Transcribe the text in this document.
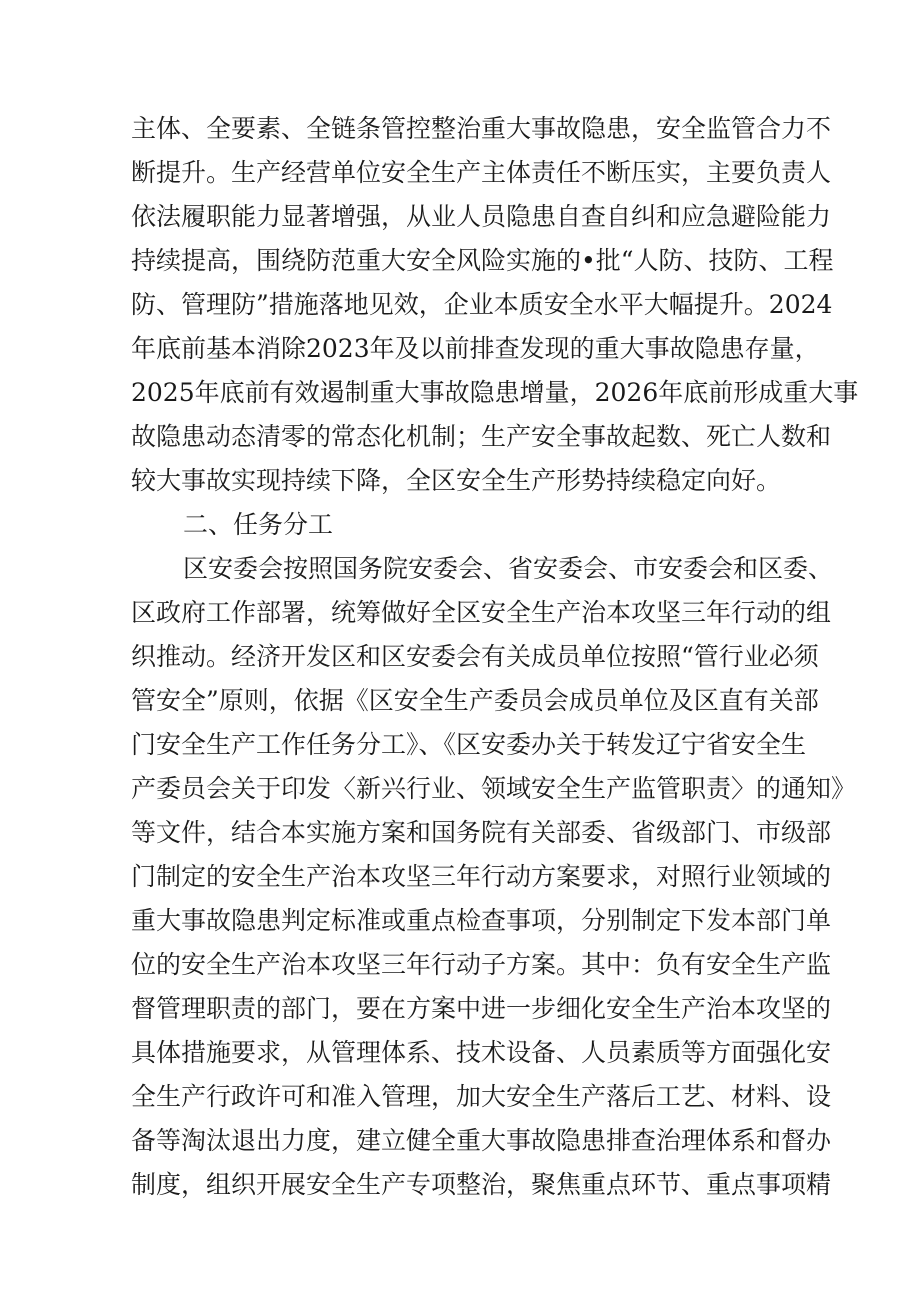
主体、全要素、全链条管控整治重大事故隐患，安全监管合力不
断提升。生产经营单位安全生产主体责任不断压实，主要负责人
依法履职能力显著增强，从业人员隐患自查自纠和应急避险能力
持续提高，围绕防范重大安全风险实施的•批“人防、技防、工程
防、管理防”措施落地见效，企业本质安全水平大幅提升。2024
年底前基本消除2023年及以前排查发现的重大事故隐患存量，
2025年底前有效遏制重大事故隐患增量，2026年底前形成重大事
故隐患动态清零的常态化机制；生产安全事故起数、死亡人数和
较大事故实现持续下降，全区安全生产形势持续稳定向好。
二、任务分工
区安委会按照国务院安委会、省安委会、市安委会和区委、
区政府工作部署，统筹做好全区安全生产治本攻坚三年行动的组
织推动。经济开发区和区安委会有关成员单位按照“管行业必须
管安全”原则，依据《区安全生产委员会成员单位及区直有关部
门安全生产工作任务分工》、《区安委办关于转发辽宁省安全生
产委员会关于印发〈新兴行业、领域安全生产监管职责〉的通知》
等文件，结合本实施方案和国务院有关部委、省级部门、市级部
门制定的安全生产治本攻坚三年行动方案要求，对照行业领域的
重大事故隐患判定标准或重点检查事项，分别制定下发本部门单
位的安全生产治本攻坚三年行动子方案。其中：负有安全生产监
督管理职责的部门，要在方案中进一步细化安全生产治本攻坚的
具体措施要求，从管理体系、技术设备、人员素质等方面强化安
全生产行政许可和准入管理，加大安全生产落后工艺、材料、设
备等淘汰退出力度，建立健全重大事故隐患排查治理体系和督办
制度，组织开展安全生产专项整治，聚焦重点环节、重点事项精
